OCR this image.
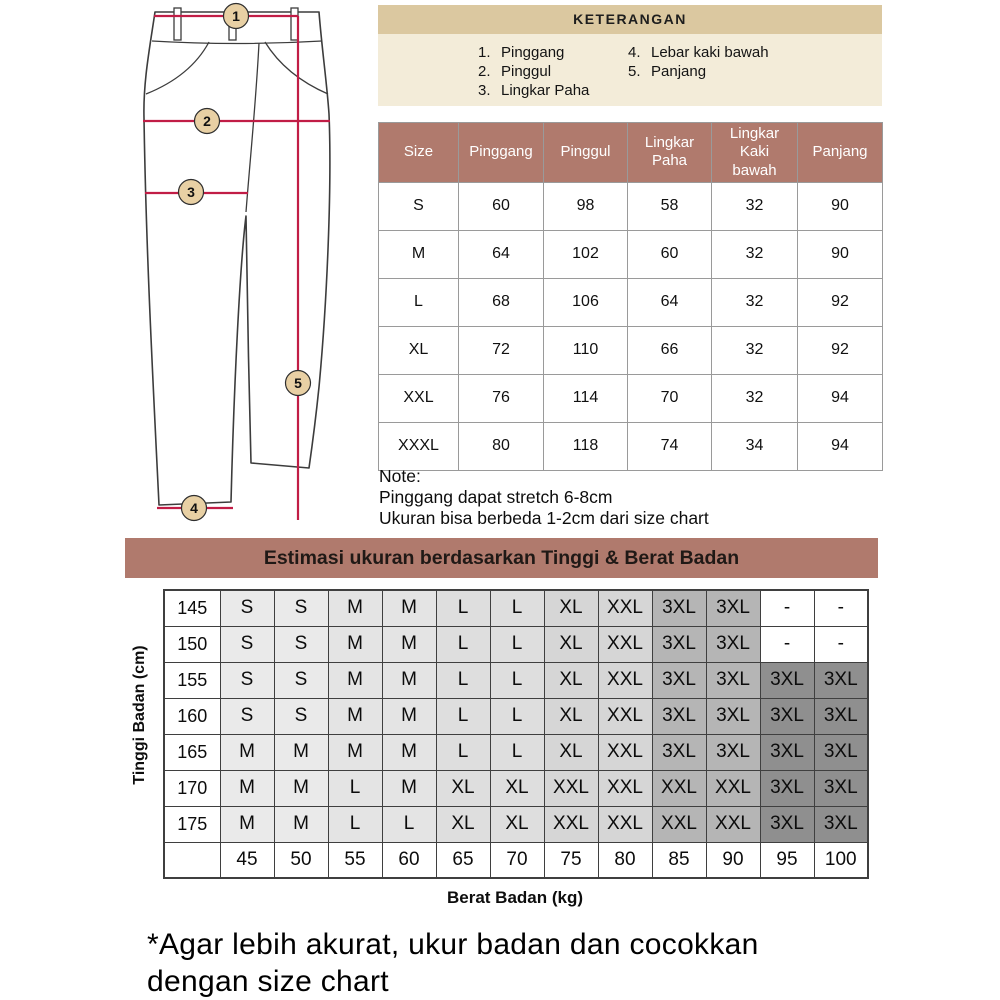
1
2
3
4
5
KETERANGAN
1. Pinggang
2. Pinggul
3. Lingkar Paha
4. Lebar kaki bawah
5. Panjang
Size	Pinggang	Pinggul	Lingkar Paha	Lingkar Kaki bawah	Panjang
S	60	98	58	32	90
M	64	102	60	32	90
L	68	106	64	32	92
XL	72	110	66	32	92
XXL	76	114	70	32	94
XXXL	80	118	74	34	94
Note:
Pinggang dapat stretch 6-8cm
Ukuran bisa berbeda 1-2cm dari size chart
Estimasi ukuran berdasarkan Tinggi & Berat Badan
Tinggi Badan (cm)
145	S	S	M	M	L	L	XL	XXL	3XL	3XL	-	-
150	S	S	M	M	L	L	XL	XXL	3XL	3XL	-	-
155	S	S	M	M	L	L	XL	XXL	3XL	3XL	3XL	3XL
160	S	S	M	M	L	L	XL	XXL	3XL	3XL	3XL	3XL
165	M	M	M	M	L	L	XL	XXL	3XL	3XL	3XL	3XL
170	M	M	L	M	XL	XL	XXL	XXL	XXL	XXL	3XL	3XL
175	M	M	L	L	XL	XL	XXL	XXL	XXL	XXL	3XL	3XL
	45	50	55	60	65	70	75	80	85	90	95	100
Berat Badan (kg)
*Agar lebih akurat, ukur badan dan cocokkan
dengan size chart
